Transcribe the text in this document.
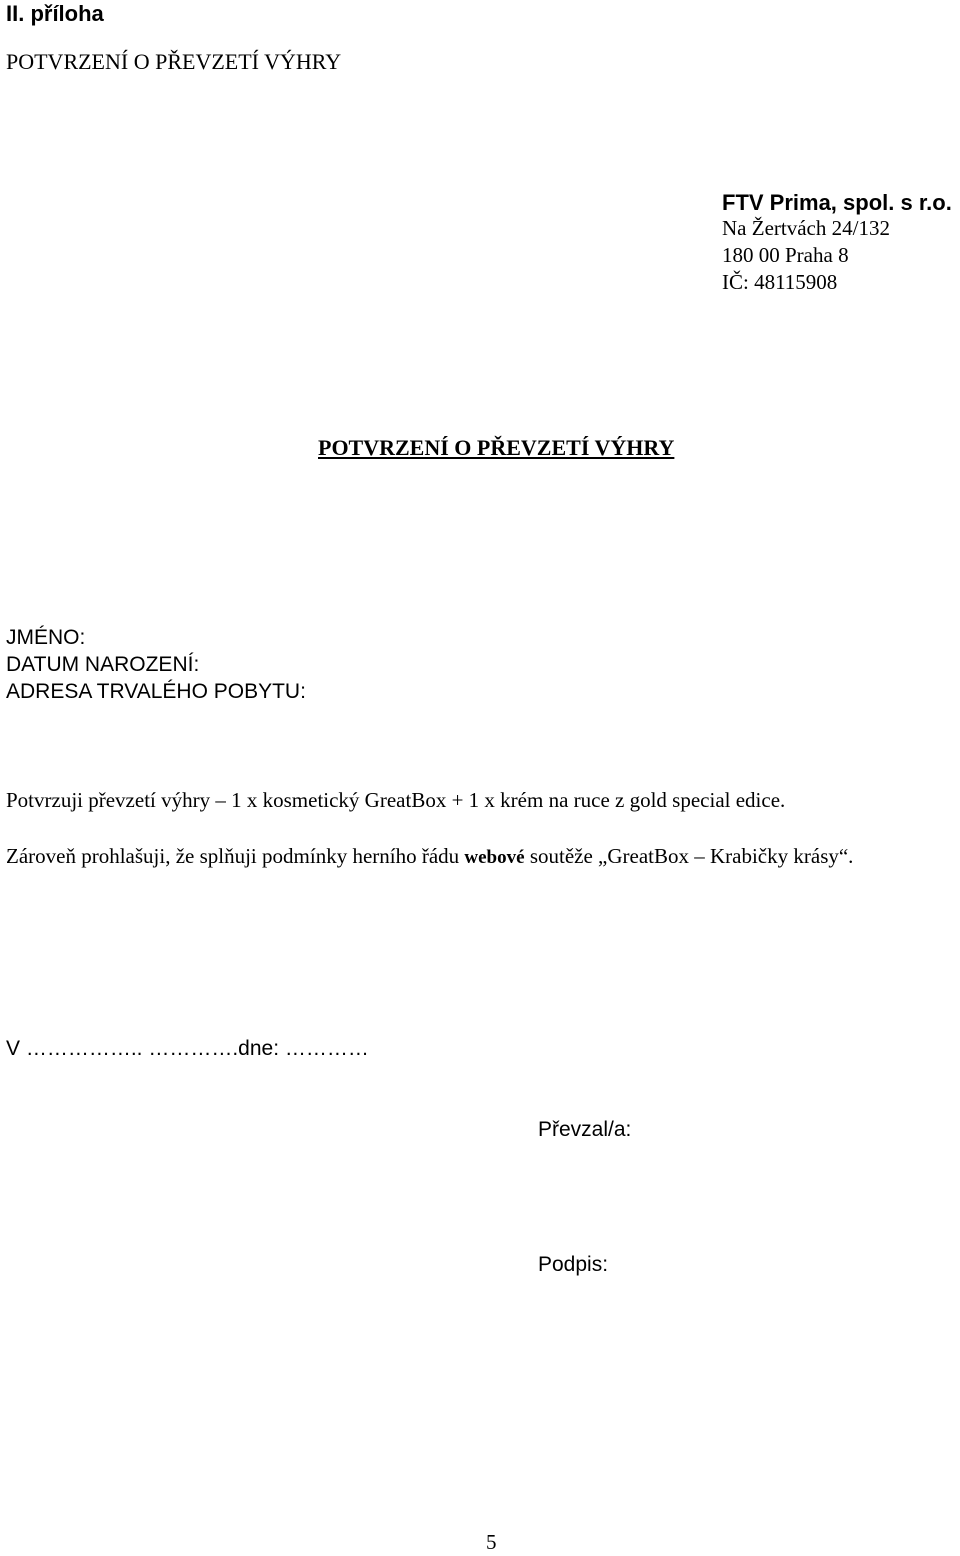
II. příloha
POTVRZENÍ O PŘEVZETÍ VÝHRY
FTV Prima, spol. s r.o.
Na Žertvách 24/132
180 00 Praha 8
IČ: 48115908
POTVRZENÍ O PŘEVZETÍ VÝHRY
JMÉNO:
DATUM NAROZENÍ:
ADRESA TRVALÉHO POBYTU:
Potvrzuji převzetí výhry – 1 x kosmetický GreatBox + 1 x krém na ruce z gold special edice.
Zároveň prohlašuji, že splňuji podmínky herního řádu webové soutěže „GreatBox – Krabičky krásy“.
V …………….. ………….dne: …………
Převzal/a:
Podpis:
5
